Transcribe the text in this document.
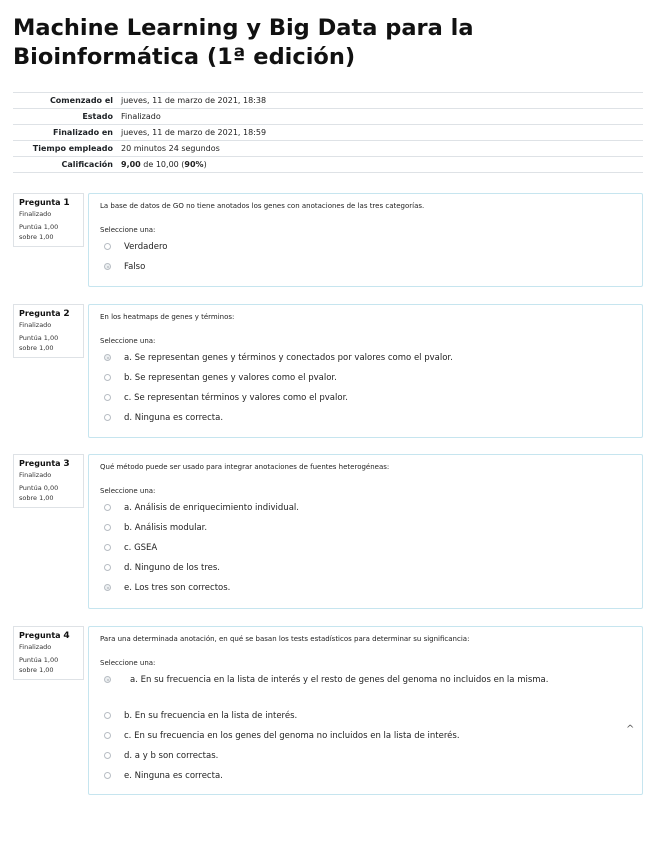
Machine Learning y Big Data para la Bioinformática (1ª edición)
Comenzado el	jueves, 11 de marzo de 2021, 18:38
Estado	Finalizado
Finalizado en	jueves, 11 de marzo de 2021, 18:59
Tiempo empleado	20 minutos 24 segundos
Calificación	9,00 de 10,00 (90%)
Pregunta 1
Finalizado
Puntúa 1,00
sobre 1,00
La base de datos de GO no tiene anotados los genes con anotaciones de las tres categorías.
Seleccione una:
Verdadero
Falso
Pregunta 2
Finalizado
Puntúa 1,00
sobre 1,00
En los heatmaps de genes y términos:
Seleccione una:
a. Se representan genes y términos y conectados por valores como el pvalor.
b. Se representan genes y valores como el pvalor.
c. Se representan términos y valores como el pvalor.
d. Ninguna es correcta.
Pregunta 3
Finalizado
Puntúa 0,00
sobre 1,00
Qué método puede ser usado para integrar anotaciones de fuentes heterogéneas:
Seleccione una:
a. Análisis de enriquecimiento individual.
b. Análisis modular.
c. GSEA
d. Ninguno de los tres.
e. Los tres son correctos.
Pregunta 4
Finalizado
Puntúa 1,00
sobre 1,00
Para una determinada anotación, en qué se basan los tests estadísticos para determinar su significancia:
Seleccione una:
a. En su frecuencia en la lista de interés y el resto de genes del genoma no incluidos en la misma.
b. En su frecuencia en la lista de interés.
c. En su frecuencia en los genes del genoma no incluidos en la lista de interés.
d. a y b son correctas.
e. Ninguna es correcta.
^
